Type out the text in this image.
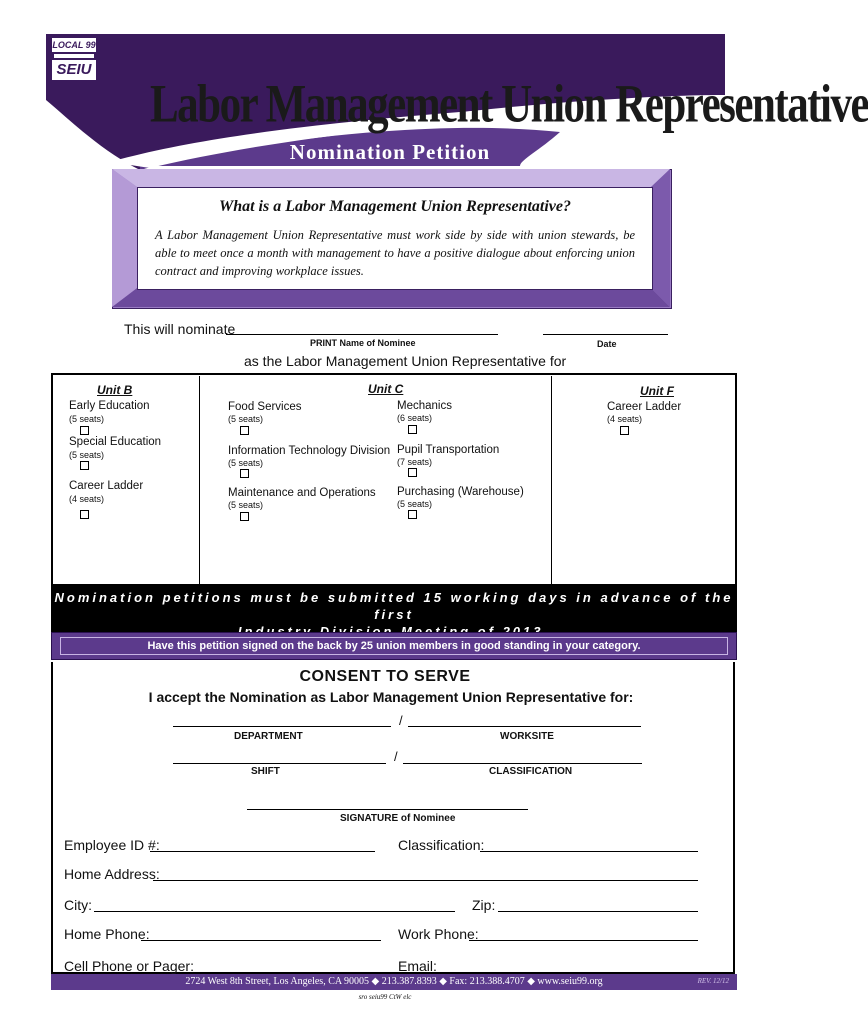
LOCAL 99
SEIU
Labor Management Union Representative
Nomination Petition
What is a Labor Management Union Representative?
A Labor Management Union Representative must work side by side with union stewards, be able to meet once a month with management to have a positive dialogue about enforcing union contract and improving workplace issues.
This will nominate
PRINT Name of Nominee	Date
as the Labor Management Union Representative for
Unit B
Early Education
(5 seats)
Special Education
(5 seats)
Career Ladder
(4 seats)
Unit C
Food Services
(5 seats)
Information Technology Division
(5 seats)
Maintenance and Operations
(5 seats)
Mechanics
(6 seats)
Pupil Transportation
(7 seats)
Purchasing (Warehouse)
(5 seats)
Unit F
Career Ladder
(4 seats)
Nomination petitions must be submitted 15 working days in advance of the first
Have this petition signed on the back by 25 union members in good standing in your category.
CONSENT TO SERVE
I accept the Nomination as Labor Management Union Representative for:
/
DEPARTMENT	WORKSITE
/
SHIFT	CLASSIFICATION
SIGNATURE of Nominee
Employee ID #:	Classification:
Home Address:
City:	Zip:
Home Phone:	Work Phone:
Cell Phone or Pager:	Email:
2724 West 8th Street, Los Angeles, CA 90005 ◆ 213.387.8393 ◆ Fax: 213.388.4707 ◆ www.seiu99.org	REV. 12/12
sro seiu99 CtW elc
